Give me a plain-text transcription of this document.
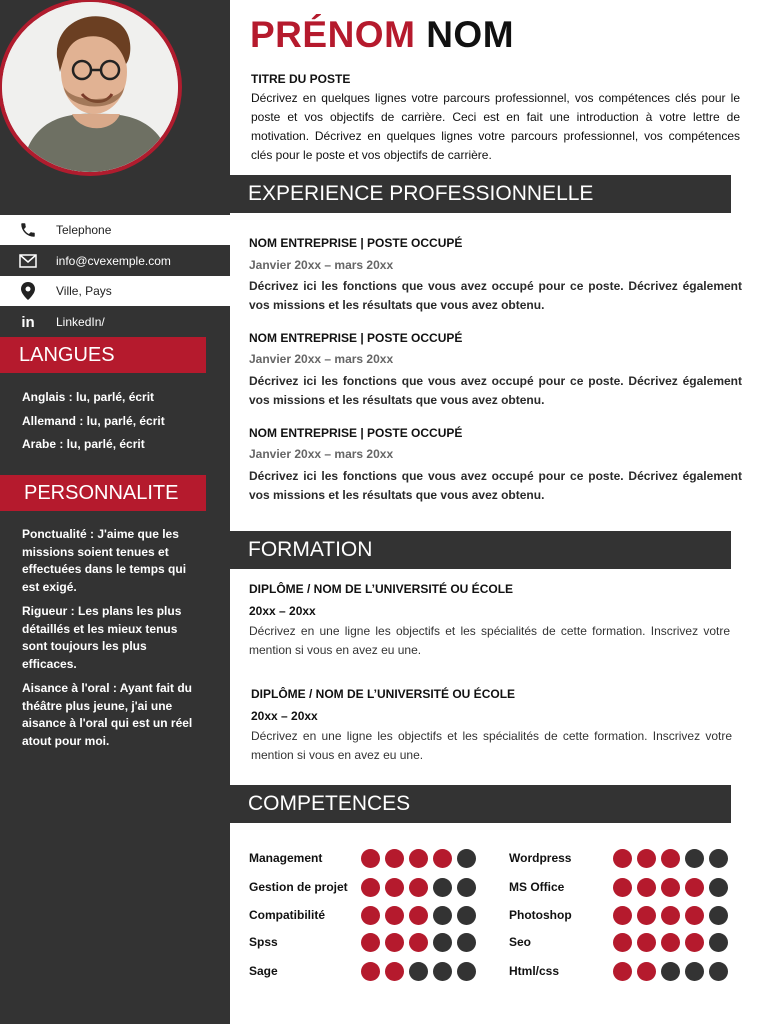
Telephone
info@cvexemple.com
Ville, Pays
in	LinkedIn/
LANGUES
Anglais : lu, parlé, écrit
Allemand : lu, parlé, écrit
Arabe : lu, parlé, écrit
PERSONNALITE
Ponctualité : J'aime que les missions soient tenues et effectuées dans le temps qui est exigé.
Rigueur : Les plans les plus détaillés et les mieux tenus sont toujours les plus efficaces.
Aisance à l'oral : Ayant fait du théâtre plus jeune, j'ai une aisance à l'oral qui est un réel atout pour moi.
PRÉNOM NOM
TITRE DU POSTE
Décrivez en quelques lignes votre parcours professionnel, vos compétences clés pour le poste et vos objectifs de carrière. Ceci est en fait une introduction à votre lettre de motivation. Décrivez en quelques lignes votre parcours professionnel, vos compétences clés pour le poste et vos objectifs de carrière.
EXPERIENCE PROFESSIONNELLE
NOM ENTREPRISE | POSTE OCCUPÉ
Janvier 20xx – mars 20xx
Décrivez ici les fonctions que vous avez occupé pour ce poste. Décrivez également vos missions et les résultats que vous avez obtenu.
NOM ENTREPRISE | POSTE OCCUPÉ
Janvier 20xx – mars 20xx
Décrivez ici les fonctions que vous avez occupé pour ce poste. Décrivez également vos missions et les résultats que vous avez obtenu.
NOM ENTREPRISE | POSTE OCCUPÉ
Janvier 20xx – mars 20xx
Décrivez ici les fonctions que vous avez occupé pour ce poste. Décrivez également vos missions et les résultats que vous avez obtenu.
FORMATION
DIPLÔME / NOM DE L’UNIVERSITÉ OU ÉCOLE
20xx – 20xx
Décrivez en une ligne les objectifs et les spécialités de cette formation. Inscrivez votre mention si vous en avez eu une.
DIPLÔME / NOM DE L’UNIVERSITÉ OU ÉCOLE
20xx – 20xx
Décrivez en une ligne les objectifs et les spécialités de cette formation. Inscrivez votre mention si vous en avez eu une.
COMPETENCES
Management
Gestion de projet
Compatibilité
Spss
Sage
Wordpress
MS Office
Photoshop
Seo
Html/css
